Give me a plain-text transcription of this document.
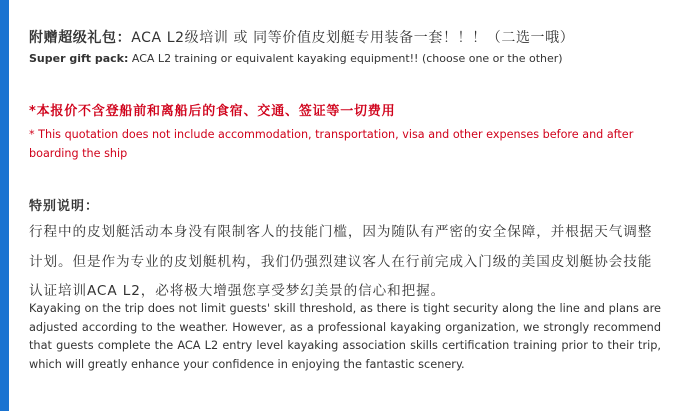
附赠超级礼包：ACA L2级培训 或 同等价值皮划艇专用装备一套！！！（二选一哦）
Super gift pack: ACA L2 training or equivalent kayaking equipment!! (choose one or the other)
*本报价不含登船前和离船后的食宿、交通、签证等一切费用
* This quotation does not include accommodation, transportation, visa and other expenses before and after boarding the ship
特别说明：
行程中的皮划艇活动本身没有限制客人的技能门槛，因为随队有严密的安全保障，并根据天气调整计划。但是作为专业的皮划艇机构，我们仍强烈建议客人在行前完成入门级的美国皮划艇协会技能认证培训ACA L2，必将极大增强您享受梦幻美景的信心和把握。
Kayaking on the trip does not limit guests' skill threshold, as there is tight security along the line and plans are adjusted according to the weather. However, as a professional kayaking organization, we strongly recommend that guests complete the ACA L2 entry level kayaking association skills certification training prior to their trip, which will greatly enhance your confidence in enjoying the fantastic scenery.
